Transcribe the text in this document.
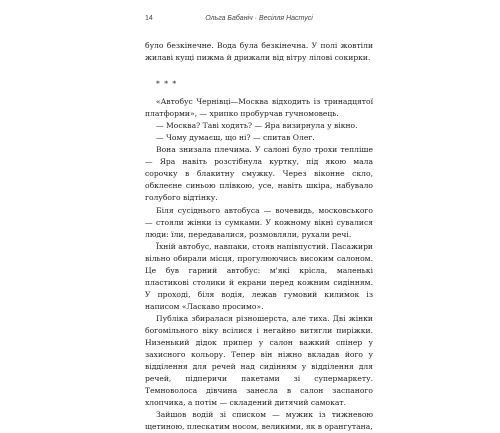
14	Ольга Бабаніч · Весілля Настусі

було безкінечне. Вода була безкінечна. У полі жовтіли жилаві кущі пижма й дрижали від вітру лілові сокирки.

* * *

«Автобус Чернівці—Москва відходить із тринадцятої платформи», — хрипко пробурчав гучномовець.

— Москва? Таві ходять? — Яра визирнула у вікно.

— Чому думаєш, що ні? — спитав Олег.

Вона знизала плечима. У салоні було трохи тепліше — Яра навіть розстібнула куртку, під якою мала сорочку в блакитну смужку. Через віконне скло, обклеєне синьою плівкою, усе, навіть шкіра, набувало голубого відтінку.

Біля сусіднього автобуса — вочевидь, московського — стояли жінки із сумками. У кожному вікні сувалися люди: їли, передавалися, розмовляли, рухали речі.

Їхній автобус, навпаки, стояв напівпустий. Пасажири вільно обирали місця, прогулюючись високим салоном. Це був гарний автобус: м'які крісла, маленькі пластикові столики й екрани перед кожним сидінням. У проході, біля водія, лежав гумовий килимок із написом «Ласкаво просимо».

Публіка збиралася різношерста, але тиха. Дві жінки богомільного віку всілися і негайно витягли пиріжки. Низенький дідок припер у салон важкий спінер у захисного кольору. Тепер він ніжно вкладав його у відділення для речей над сидінням у відділення для речей, підперичи пакетами зі супермаркету. Темноволоса дівчина занесла в салон заспаного хлопчика, а потім — складений дитячий самокат.

Зайшов водій зі списком — мужик із тижневою щетиною, плескатим носом, великими, як в орангутана,
